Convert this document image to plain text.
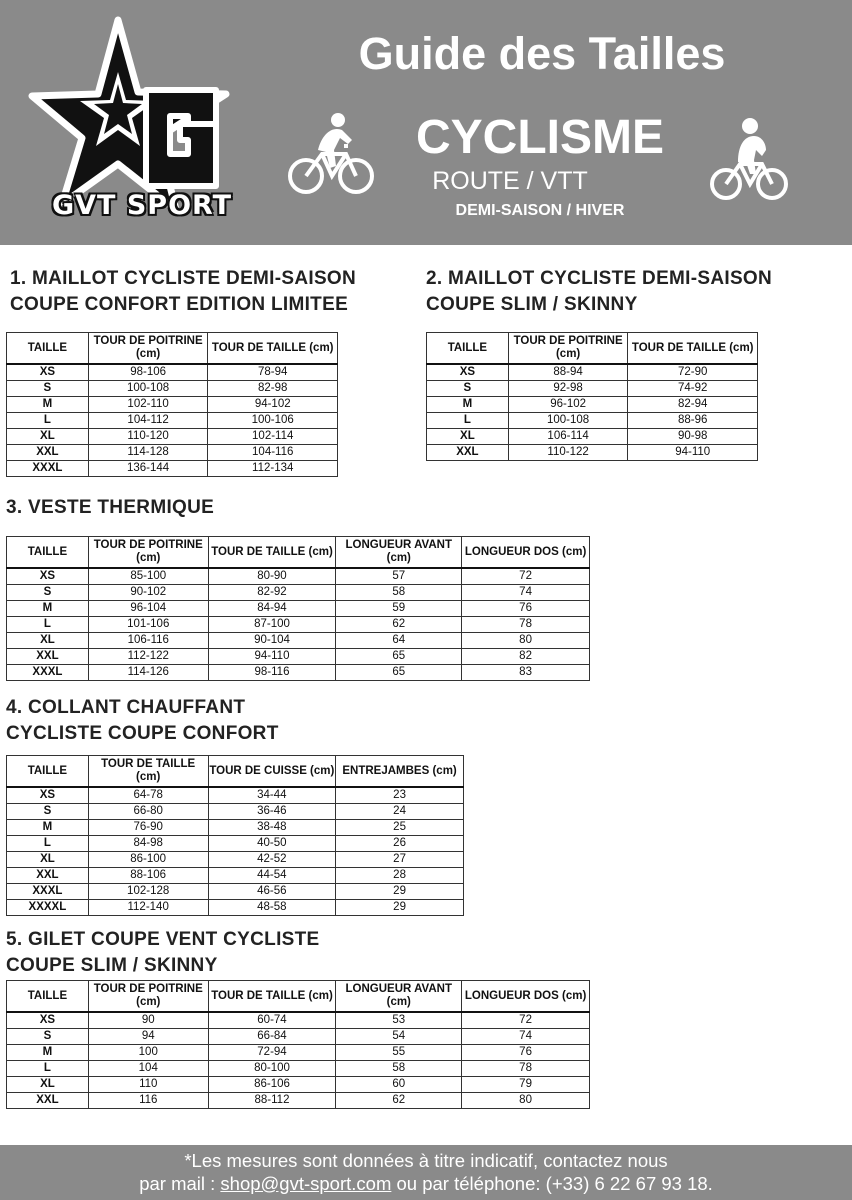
GVT SPORT
Guide des Tailles
CYCLISME
ROUTE / VTT
DEMI-SAISON / HIVER
1. MAILLOT CYCLISTE DEMI-SAISON
COUPE CONFORT EDITION LIMITEE
TAILLE	TOUR DE POITRINE (cm)	TOUR DE TAILLE (cm)
XS	98-106	78-94
S	100-108	82-98
M	102-110	94-102
L	104-112	100-106
XL	110-120	102-114
XXL	114-128	104-116
XXXL	136-144	112-134
2. MAILLOT CYCLISTE DEMI-SAISON
COUPE SLIM / SKINNY
TAILLE	TOUR DE POITRINE (cm)	TOUR DE TAILLE (cm)
XS	88-94	72-90
S	92-98	74-92
M	96-102	82-94
L	100-108	88-96
XL	106-114	90-98
XXL	110-122	94-110
3. VESTE THERMIQUE
TAILLE	TOUR DE POITRINE (cm)	TOUR DE TAILLE (cm)	LONGUEUR AVANT (cm)	LONGUEUR DOS (cm)
XS	85-100	80-90	57	72
S	90-102	82-92	58	74
M	96-104	84-94	59	76
L	101-106	87-100	62	78
XL	106-116	90-104	64	80
XXL	112-122	94-110	65	82
XXXL	114-126	98-116	65	83
4. COLLANT CHAUFFANT
CYCLISTE COUPE CONFORT
TAILLE	TOUR DE TAILLE (cm)	TOUR DE CUISSE (cm)	ENTREJAMBES (cm)
XS	64-78	34-44	23
S	66-80	36-46	24
M	76-90	38-48	25
L	84-98	40-50	26
XL	86-100	42-52	27
XXL	88-106	44-54	28
XXXL	102-128	46-56	29
XXXXL	112-140	48-58	29
5. GILET COUPE VENT CYCLISTE
COUPE SLIM / SKINNY
TAILLE	TOUR DE POITRINE (cm)	TOUR DE TAILLE (cm)	LONGUEUR AVANT (cm)	LONGUEUR DOS (cm)
XS	90	60-74	53	72
S	94	66-84	54	74
M	100	72-94	55	76
L	104	80-100	58	78
XL	110	86-106	60	79
XXL	116	88-112	62	80
*Les mesures sont données à titre indicatif, contactez nous
par mail : shop@gvt-sport.com ou par téléphone: (+33) 6 22 67 93 18.
